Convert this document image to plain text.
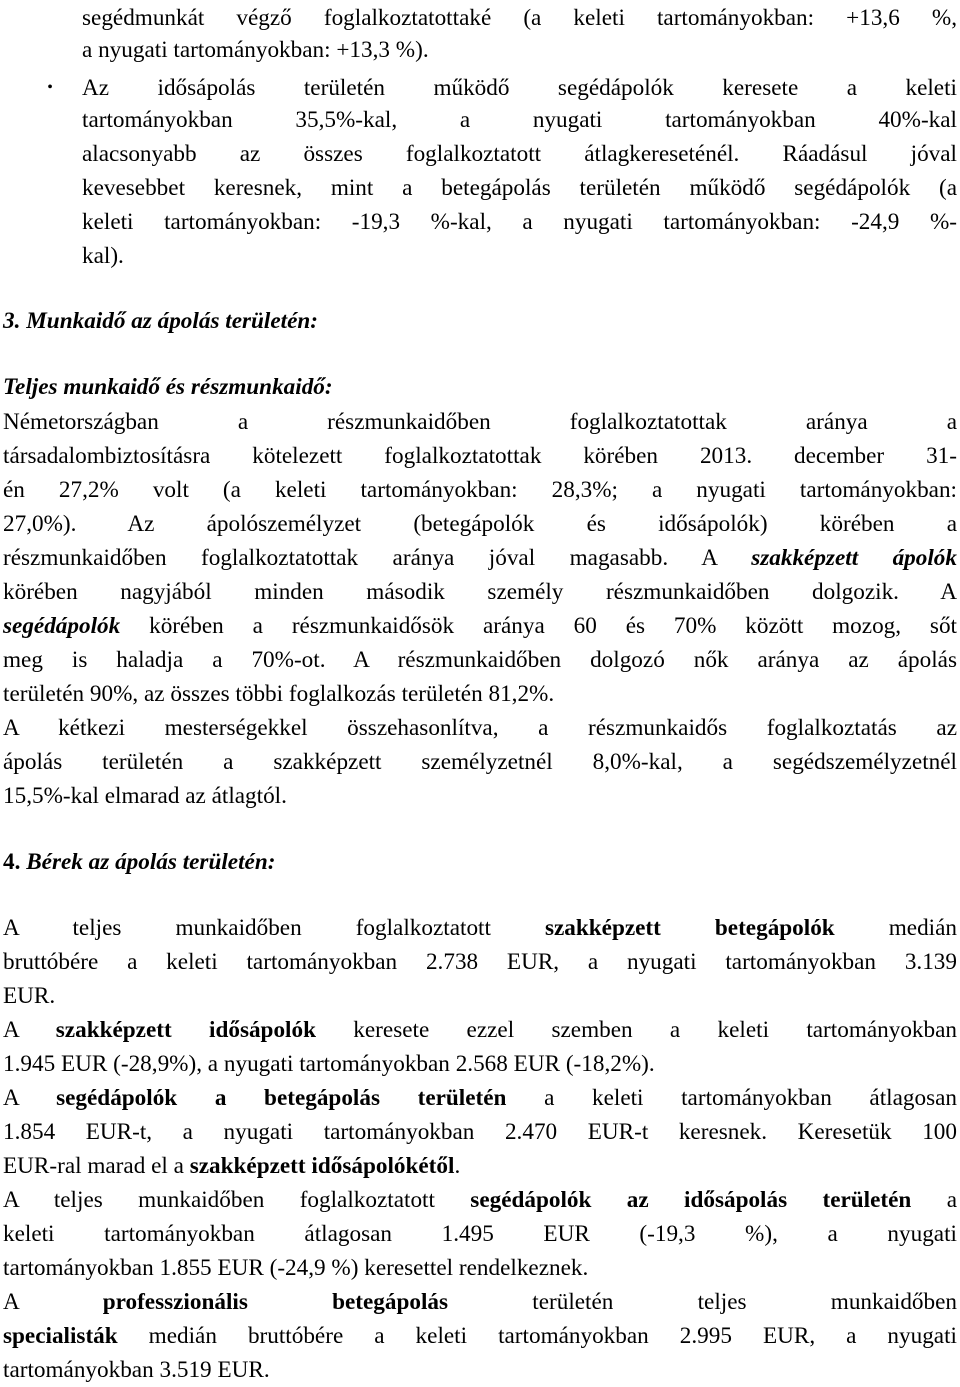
segédmunkát végző foglalkoztatottaké (a keleti tartományokban: +13,6 %,
a nyugati tartományokban: +13,3 %).
•	Az idősápolás területén működő segédápolók keresete a keleti
tartományokban 35,5%-kal, a nyugati tartományokban 40%-kal
alacsonyabb az összes foglalkoztatott átlagkereseténél. Ráadásul jóval
kevesebbet keresnek, mint a betegápolás területén működő segédápolók (a
keleti tartományokban: -19,3 %-kal, a nyugati tartományokban: -24,9 %-
kal).
3. Munkaidő az ápolás területén:
Teljes munkaidő és részmunkaidő:
Németországban a részmunkaidőben foglalkoztatottak aránya a
társadalombiztosításra kötelezett foglalkoztatottak körében 2013. december 31-
én 27,2% volt (a keleti tartományokban: 28,3%; a nyugati tartományokban:
27,0%). Az ápolószemélyzet (betegápolók és idősápolók) körében a
részmunkaidőben foglalkoztatottak aránya jóval magasabb. A szakképzett ápolók
körében nagyjából minden második személy részmunkaidőben dolgozik. A
segédápolók körében a részmunkaidősök aránya 60 és 70% között mozog, sőt
meg is haladja a 70%-ot. A részmunkaidőben dolgozó nők aránya az ápolás
területén 90%, az összes többi foglalkozás területén 81,2%.
A kétkezi mesterségekkel összehasonlítva, a részmunkaidős foglalkoztatás az
ápolás területén a szakképzett személyzetnél 8,0%-kal, a segédszemélyzetnél
15,5%-kal elmarad az átlagtól.
4. Bérek az ápolás területén:
A teljes munkaidőben foglalkoztatott szakképzett betegápolók medián
bruttóbére a keleti tartományokban 2.738 EUR, a nyugati tartományokban 3.139
EUR.
A szakképzett idősápolók keresete ezzel szemben a keleti tartományokban
1.945 EUR (-28,9%), a nyugati tartományokban 2.568 EUR (-18,2%).
A segédápolók a betegápolás területén a keleti tartományokban átlagosan
1.854 EUR-t, a nyugati tartományokban 2.470 EUR-t keresnek. Keresetük 100
EUR-ral marad el a szakképzett idősápolókétől.
A teljes munkaidőben foglalkoztatott segédápolók az idősápolás területén a
keleti tartományokban átlagosan 1.495 EUR (-19,3 %), a nyugati
tartományokban 1.855 EUR (-24,9 %) keresettel rendelkeznek.
A professzionális betegápolás területén teljes munkaidőben
specialisták medián bruttóbére a keleti tartományokban 2.995 EUR, a nyugati
tartományokban 3.519 EUR.
